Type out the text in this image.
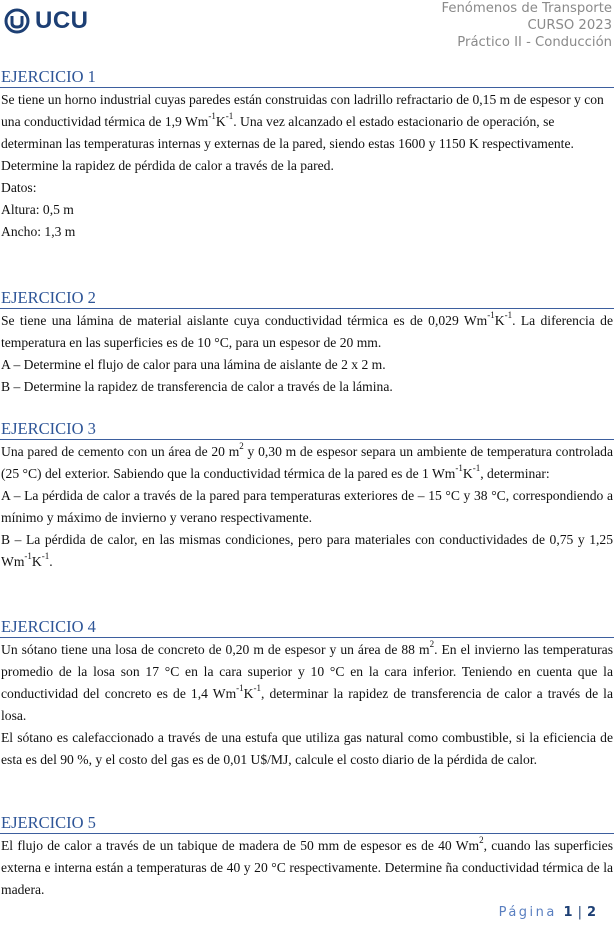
UCU	Fenómenos de Transporte
CURSO 2023
Práctico II - Conducción
EJERCICIO 1

Se tiene un horno industrial cuyas paredes están construidas con ladrillo refractario de 0,15 m de espesor y con una conductividad térmica de 1,9 $Wm^{-1}K^{-1}$. Una vez alcanzado el estado estacionario de operación, se determinan las temperaturas internas y externas de la pared, siendo estas 1600 y 1150 K respectivamente. Determine la rapidez de pérdida de calor a través de la pared.

Datos:

Altura: 0,5 m

Ancho: 1,3 m

EJERCICIO 2

Se tiene una lámina de material aislante cuya conductividad térmica es de 0,029 $Wm^{-1}K^{-1}$. La diferencia de temperatura en las superficies es de 10 °C, para un espesor de 20 mm.

A – Determine el flujo de calor para una lámina de aislante de 2 x 2 m.

B – Determine la rapidez de transferencia de calor a través de la lámina.

EJERCICIO 3

Una pared de cemento con un área de 20 $m^2$ y 0,30 m de espesor separa un ambiente de temperatura controlada (25 °C) del exterior. Sabiendo que la conductividad térmica de la pared es de 1 $Wm^{-1}K^{-1}$, determinar:

A – La pérdida de calor a través de la pared para temperaturas exteriores de – 15 °C y 38 °C, correspondiendo a mínimo y máximo de invierno y verano respectivamente.

B – La pérdida de calor, en las mismas condiciones, pero para materiales con conductividades de 0,75 y 1,25 $Wm^{-1}K^{-1}$.

EJERCICIO 4

Un sótano tiene una losa de concreto de 0,20 m de espesor y un área de 88 $m^2$. En el invierno las temperaturas promedio de la losa son 17 °C en la cara superior y 10 °C en la cara inferior. Teniendo en cuenta que la conductividad del concreto es de 1,4 $Wm^{-1}K^{-1}$, determinar la rapidez de transferencia de calor a través de la losa.

El sótano es calefaccionado a través de una estufa que utiliza gas natural como combustible, si la eficiencia de esta es del 90 %, y el costo del gas es de 0,01 U$/MJ, calcule el costo diario de la pérdida de calor.

EJERCICIO 5

El flujo de calor a través de un tabique de madera de 50 mm de espesor es de 40 Wm$^2$, cuando las superficies externa e interna están a temperaturas de 40 y 20 °C respectivamente. Determine ña conductividad térmica de la madera.

Página 1 | 2
